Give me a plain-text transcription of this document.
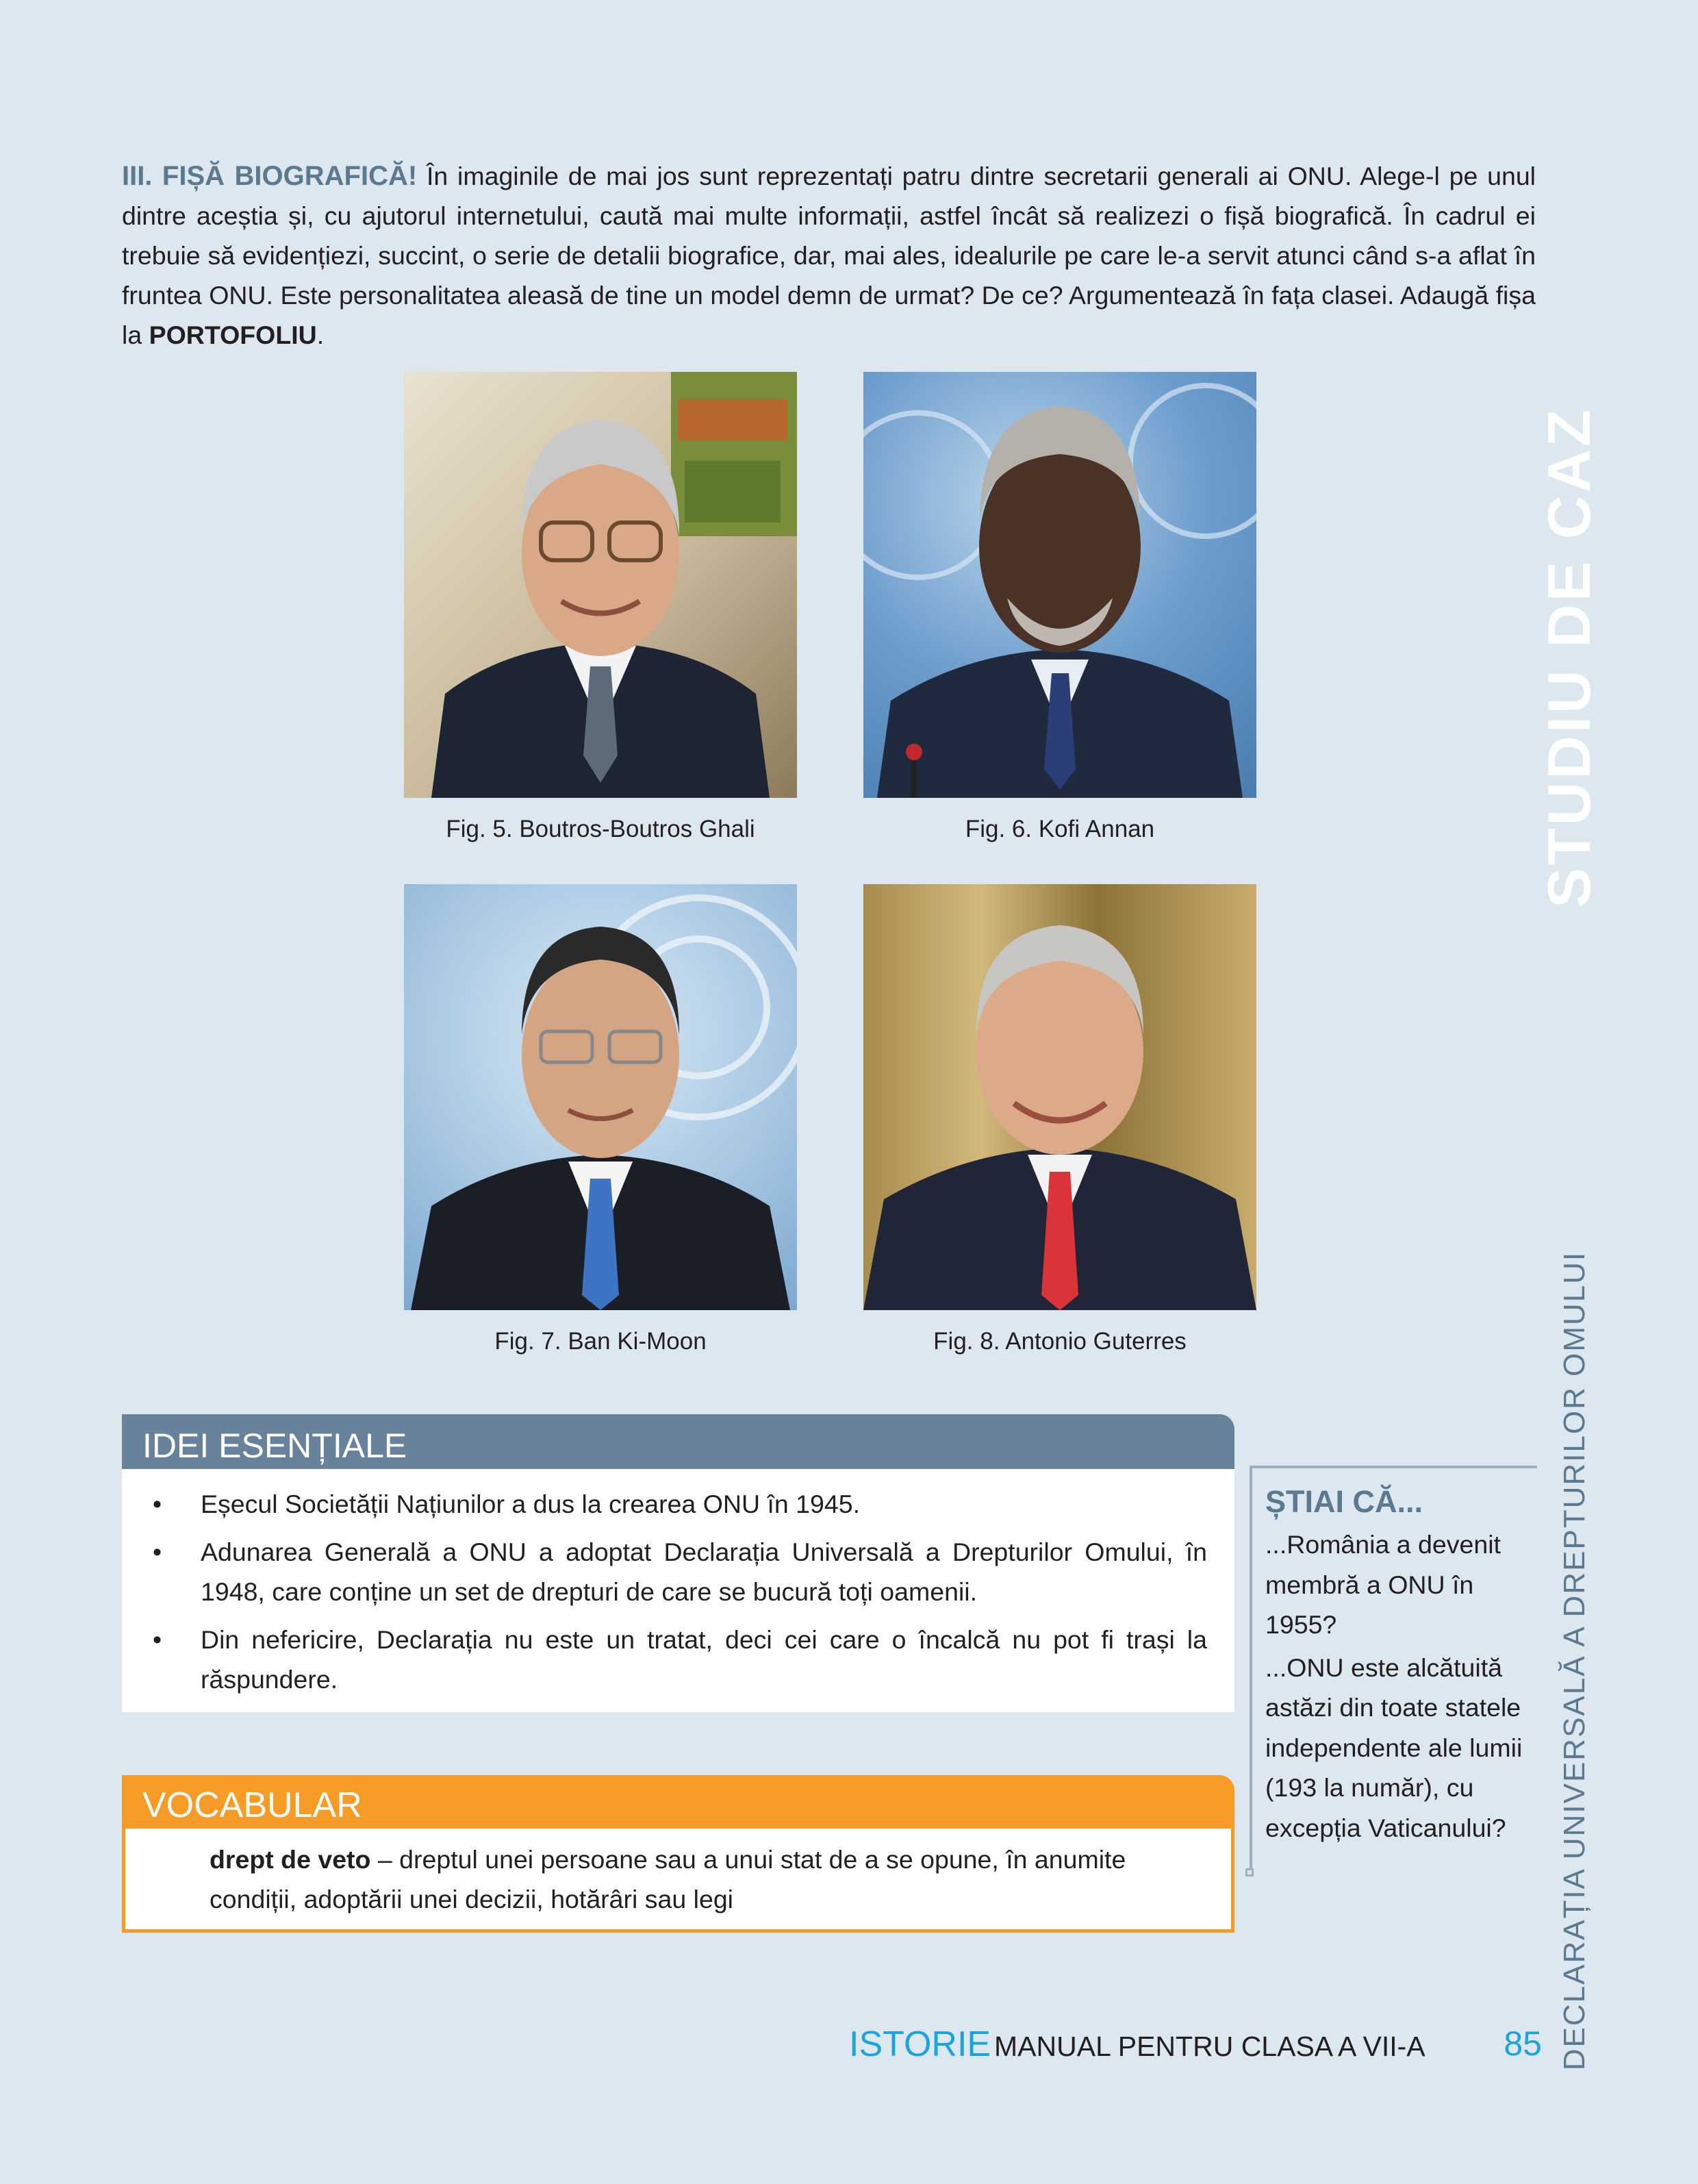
III. FIȘĂ BIOGRAFICĂ! În imaginile de mai jos sunt reprezentați patru dintre secretarii generali ai ONU. Alege-l pe unul dintre aceștia și, cu ajutorul internetului, caută mai multe informații, astfel încât să realizezi o fișă biografică. În cadrul ei trebuie să evidențiezi, succint, o serie de detalii biografice, dar, mai ales, idealurile pe care le-a servit atunci când s-a aflat în fruntea ONU. Este personalitatea aleasă de tine un model demn de urmat? De ce? Argumentează în fața clasei. Adaugă fișa la PORTOFOLIU.
Fig. 5. Boutros-Boutros Ghali	Fig. 6. Kofi Annan
Fig. 7. Ban Ki-Moon	Fig. 8. Antonio Guterres
STUDIU DE CAZ
DECLARAȚIA UNIVERSALĂ A DREPTURILOR OMULUI
IDEI ESENȚIALE
• Eșecul Societății Națiunilor a dus la crearea ONU în 1945.
• Adunarea Generală a ONU a adoptat Declarația Universală a Drepturilor Omului, în 1948, care conține un set de drepturi de care se bucură toți oamenii.
• Din nefericire, Declarația nu este un tratat, deci cei care o încalcă nu pot fi trași la răspundere.
VOCABULAR
drept de veto – dreptul unei persoane sau a unui stat de a se opune, în anumite condiții, adoptării unei decizii, hotărâri sau legi
ȘTIAI CĂ...

...România a devenit membră a ONU în 1955?

...ONU este alcătuită astăzi din toate statele independente ale lumii (193 la număr), cu excepția Vaticanului?

ISTORIE MANUAL PENTRU CLASA A VII-A 85
